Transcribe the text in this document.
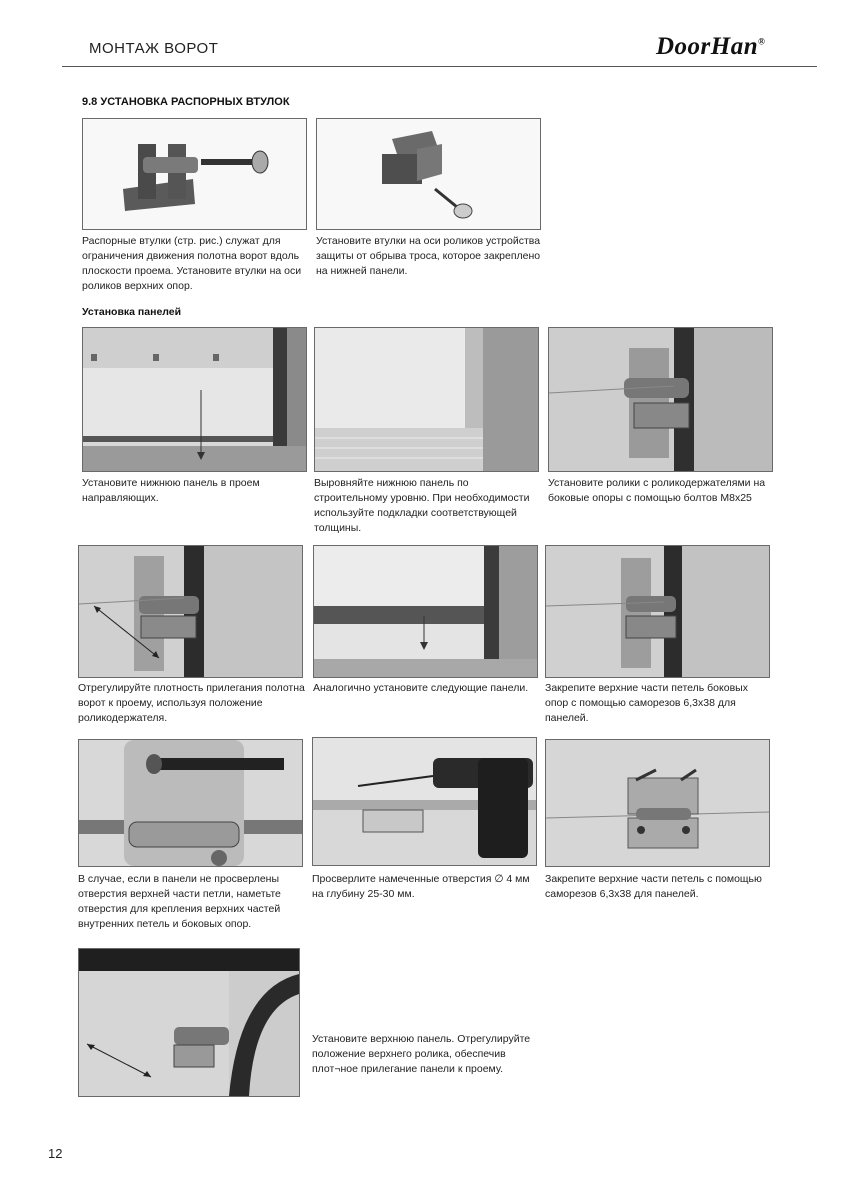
МОНТАЖ ВОРОТ	DoorHan®
9.8 УСТАНОВКА РАСПОРНЫХ ВТУЛОК
Распорные втулки (стр. рис.) служат для ограничения движения полотна ворот вдоль плоскости проема. Установите втулки на оси роликов верхних опор.
Установите втулки на оси роликов устройства защиты от обрыва троса, которое закреплено на нижней панели.
Установка панелей
Установите нижнюю панель в проем направляющих.
Выровняйте нижнюю панель по строительному уровню. При необходимости используйте подкладки соответствующей толщины.
Установите ролики с роликодержателями на боковые опоры с помощью болтов М8х25
Отрегулируйте плотность прилегания полотна ворот к проему, используя положение роликодержателя.
Аналогично установите следующие панели.	Закрепите верхние части петель боковых опор с помощью саморезов 6,3х38 для панелей.
В случае, если в панели не просверлены отверстия верхней части петли, наметьте отверстия для крепления верхних частей внутренних петель и боковых опор.
Просверлите намеченные отверстия ∅ 4 мм на глубину 25-30 мм.
Закрепите верхние части петель с помощью саморезов 6,3х38 для панелей.
Установите верхнюю панель. Отрегулируйте положение верхнего ролика, обеспечив плот¬ное прилегание панели к проему.
12
